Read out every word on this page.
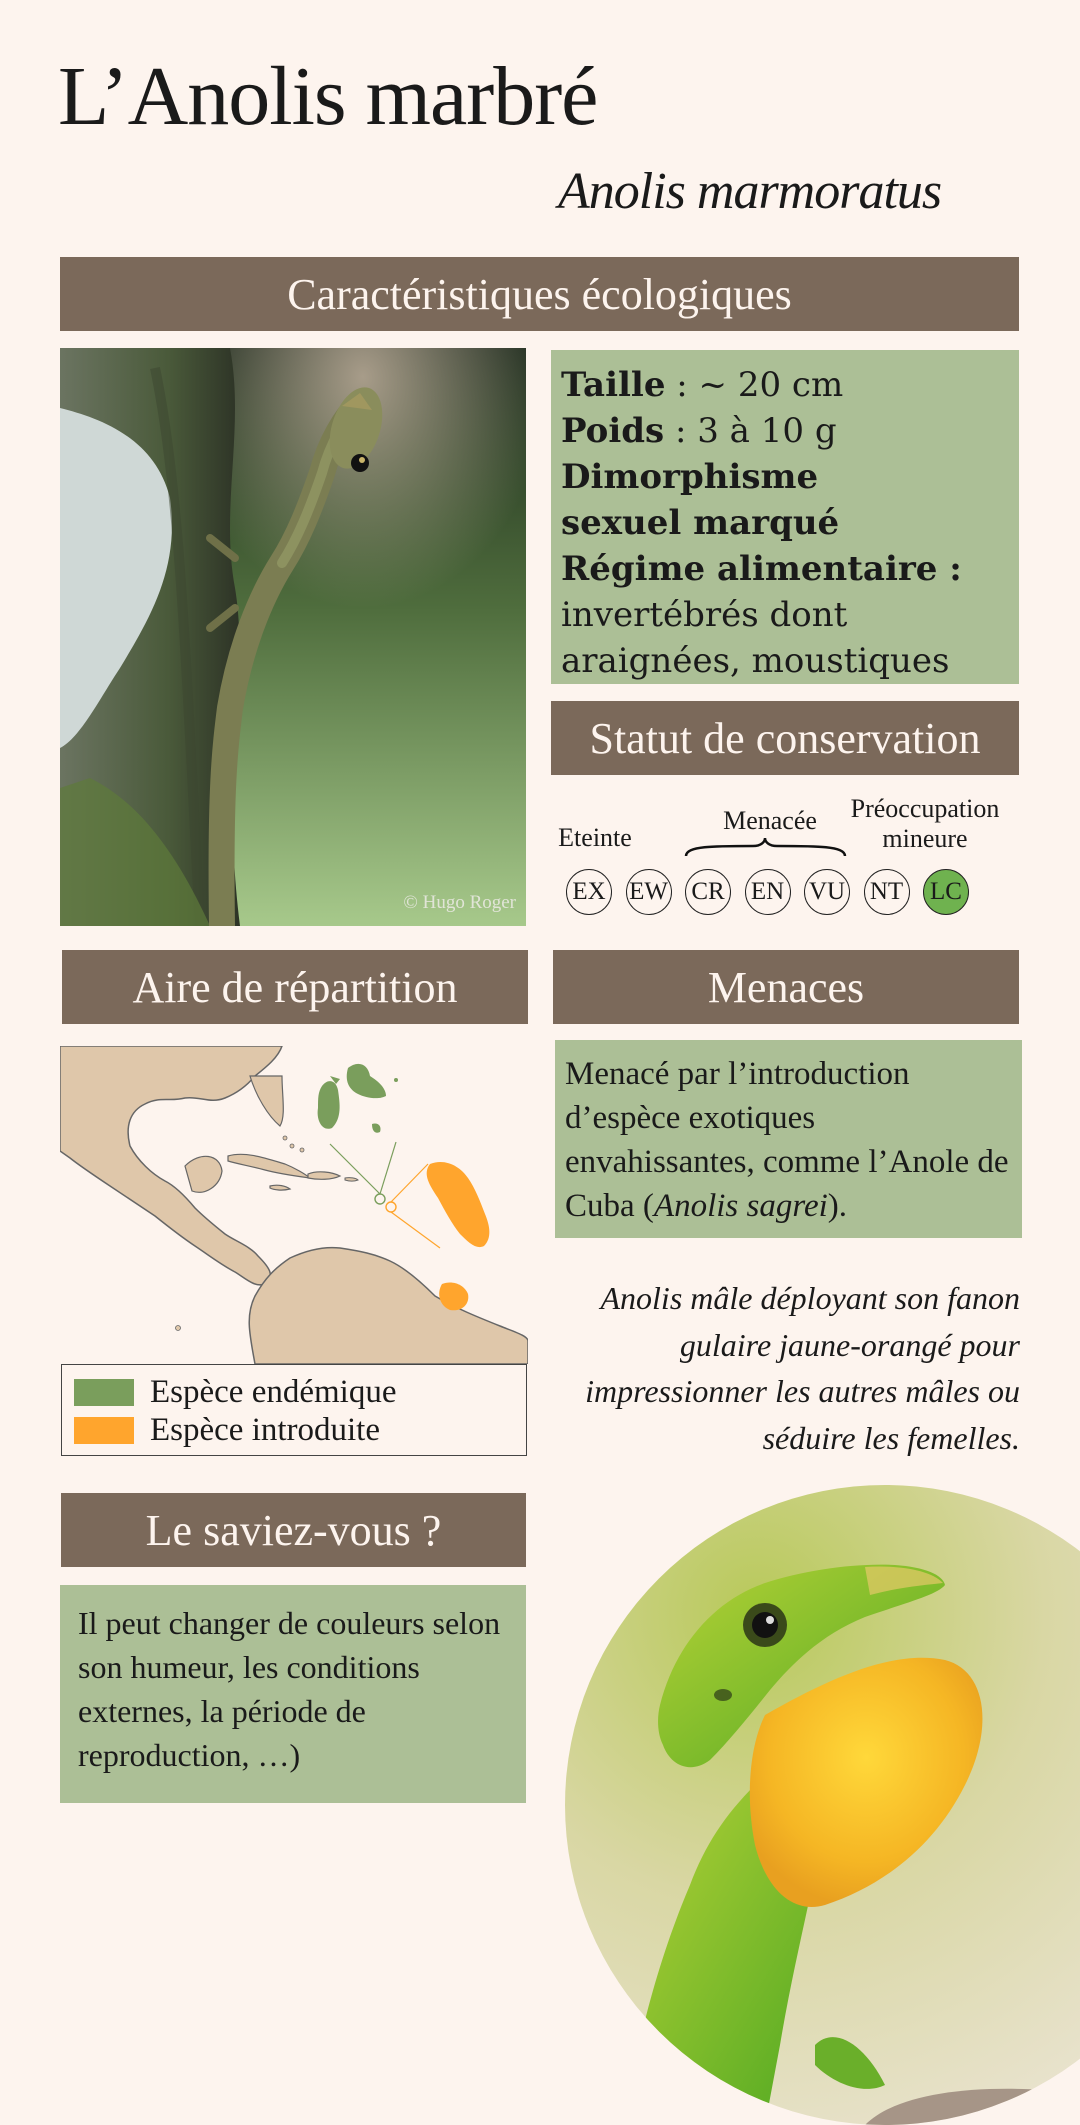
L’Anolis marbré
Anolis marmoratus
Caractéristiques écologiques
© Hugo Roger
Taille : ~ 20 cm
Poids : 3 à 10 g
Dimorphisme sexuel marqué
Régime alimentaire :
invertébrés dont araignées, moustiques
Statut de conservation
Eteinte
Menacée	Préoccupation mineure
EX EW CR EN VU NT LC
Aire de répartition
Espèce endémique
Espèce introduite
Menaces
Menacé par l’introduction d’espèce exotiques envahissantes, comme l’Anole de Cuba (Anolis sagrei).
Anolis mâle déployant son fanon gulaire jaune-orangé pour impressionner les autres mâles ou séduire les femelles.
Le saviez-vous ?
Il peut changer de couleurs selon son humeur, les conditions externes, la période de reproduction, …)
